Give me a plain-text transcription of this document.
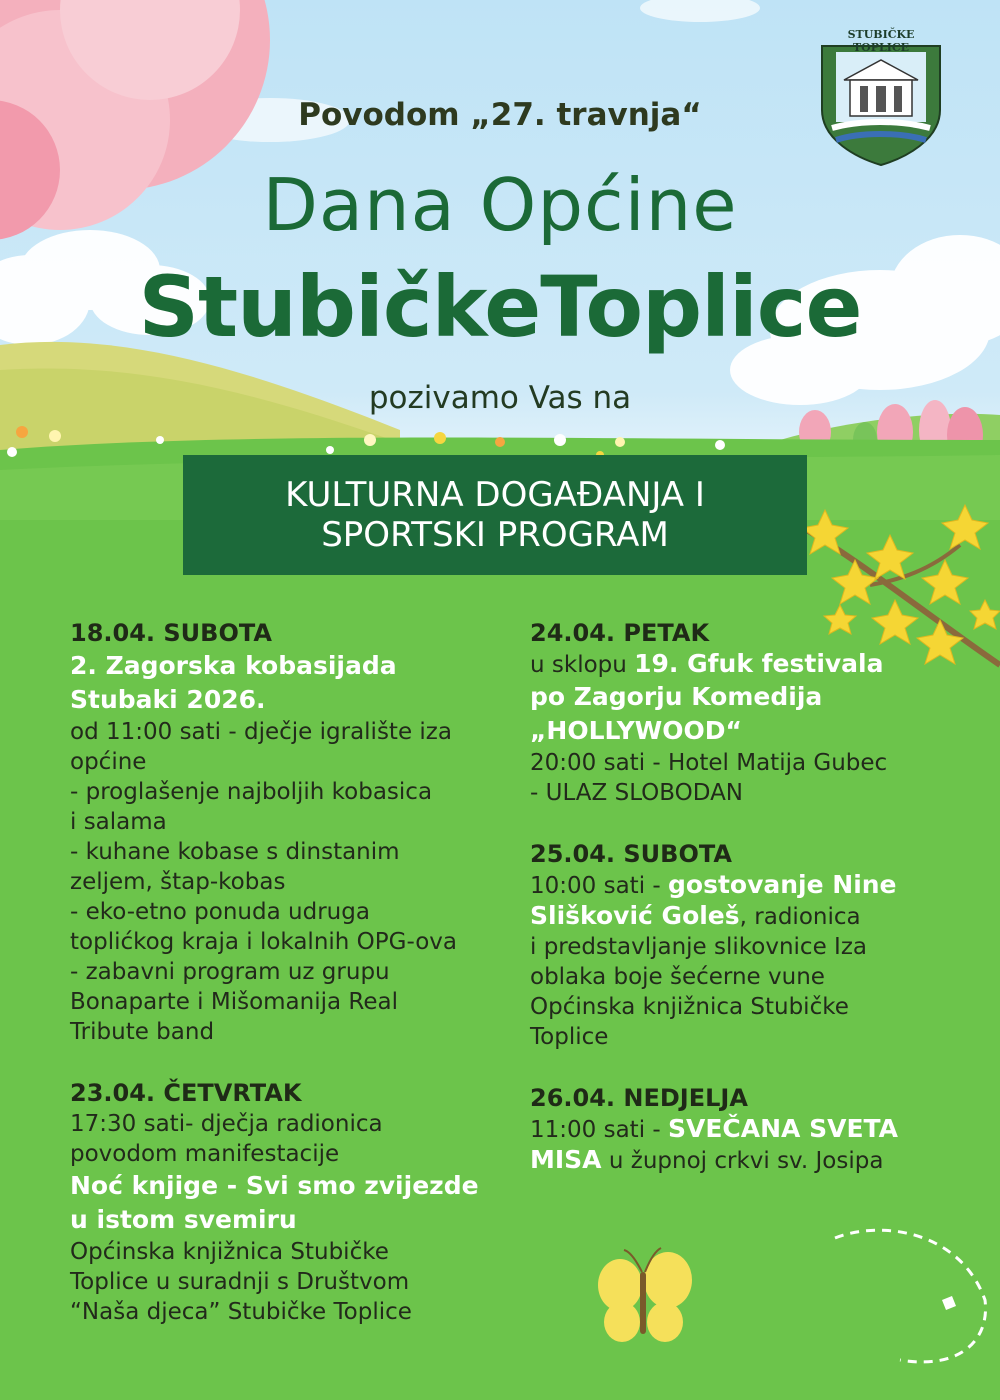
STUBIČKE TOPLICE
Povodom „27. travnja“
Dana Općine
StubičkeToplice
pozivamo Vas na
KULTURNA DOGAĐANJA I
SPORTSKI PROGRAM
18.04. SUBOTA
2. Zagorska kobasijada
Stubaki 2026.
od 11:00 sati - dječje igralište iza
općine
- proglašenje najboljih kobasica
i salama
- kuhane kobase s dinstanim
zeljem, štap-kobas
- eko-etno ponuda udruga
toplićkog kraja i lokalnih OPG-ova
- zabavni program uz grupu
Bonaparte i Mišomanija Real
Tribute band
23.04. ČETVRTAK
17:30 sati- dječja radionica
povodom manifestacije
Noć knjige - Svi smo zvijezde
u istom svemiru
Općinska knjižnica Stubičke
Toplice u suradnji s Društvom
“Naša djeca” Stubičke Toplice
24.04. PETAK
u sklopu 19. Gfuk festivala
po Zagorju Komedija
„HOLLYWOOD“
20:00 sati - Hotel Matija Gubec
- ULAZ SLOBODAN
25.04. SUBOTA
10:00 sati - gostovanje Nine
Slišković Goleš, radionica
i predstavljanje slikovnice Iza
oblaka boje šećerne vune
Općinska knjižnica Stubičke
Toplice
26.04. NEDJELJA
11:00 sati - SVEČANA SVETA
MISA u župnoj crkvi sv. Josipa
